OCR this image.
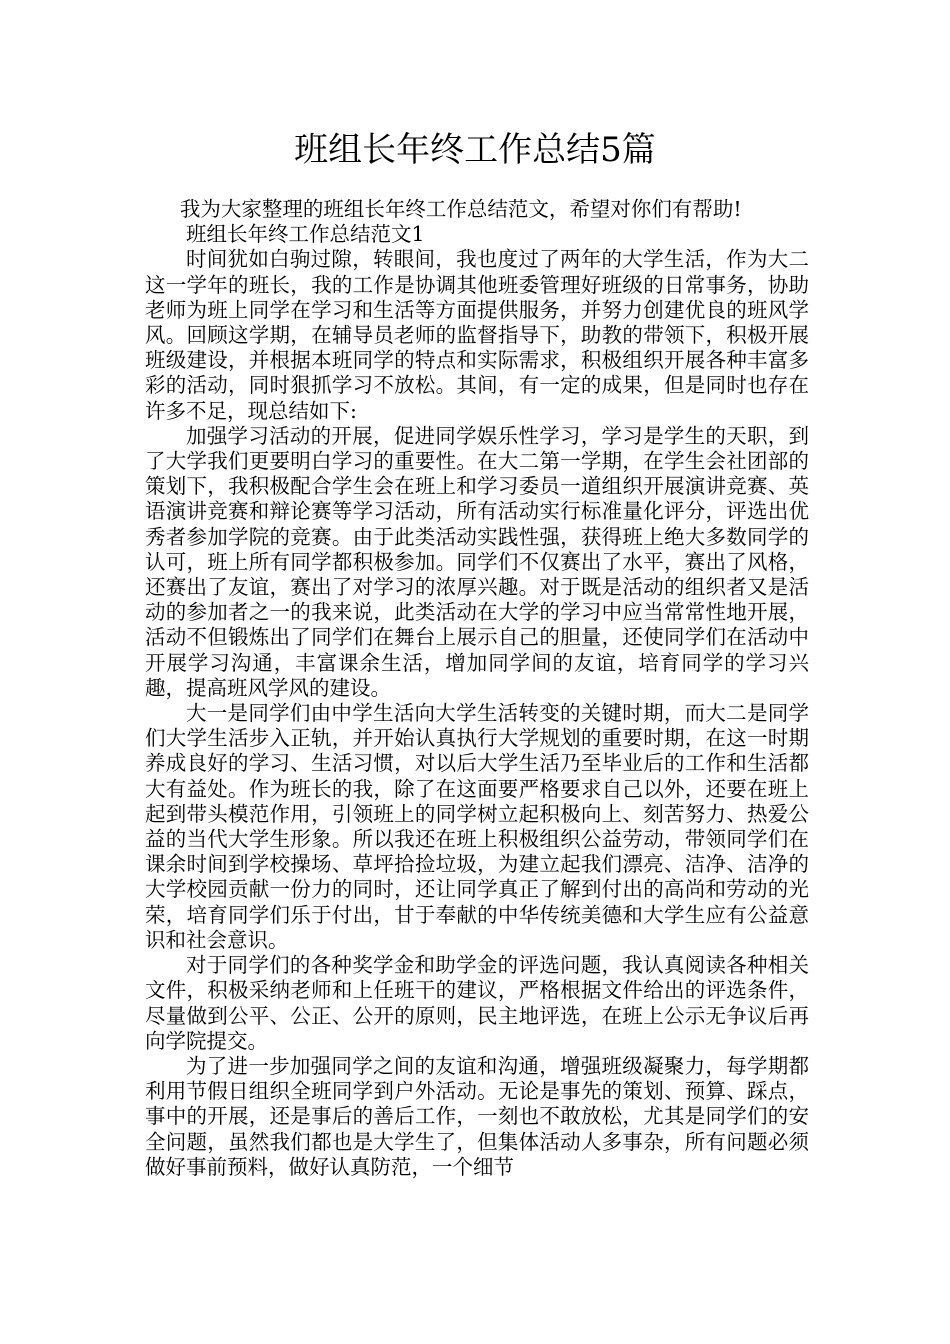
班组长年终工作总结5篇

我为大家整理的班组长年终工作总结范文，希望对你们有帮助!

班组长年终工作总结范文1

时间犹如白驹过隙，转眼间，我也度过了两年的大学生活，作为大二这一学年的班长，我的工作是协调其他班委管理好班级的日常事务，协助老师为班上同学在学习和生活等方面提供服务，并努力创建优良的班风学风。回顾这学期，在辅导员老师的监督指导下，助教的带领下，积极开展班级建设，并根据本班同学的特点和实际需求，积极组织开展各种丰富多彩的活动，同时狠抓学习不放松。其间，有一定的成果，但是同时也存在许多不足，现总结如下:

加强学习活动的开展，促进同学娱乐性学习，学习是学生的天职，到了大学我们更要明白学习的重要性。在大二第一学期，在学生会社团部的策划下，我积极配合学生会在班上和学习委员一道组织开展演讲竞赛、英语演讲竞赛和辩论赛等学习活动，所有活动实行标准量化评分，评选出优秀者参加学院的竞赛。由于此类活动实践性强，获得班上绝大多数同学的认可，班上所有同学都积极参加。同学们不仅赛出了水平，赛出了风格，还赛出了友谊，赛出了对学习的浓厚兴趣。对于既是活动的组织者又是活动的参加者之一的我来说，此类活动在大学的学习中应当常常性地开展，活动不但锻炼出了同学们在舞台上展示自己的胆量，还使同学们在活动中开展学习沟通，丰富课余生活，增加同学间的友谊，培育同学的学习兴趣，提高班风学风的建设。

大一是同学们由中学生活向大学生活转变的关键时期，而大二是同学们大学生活步入正轨，并开始认真执行大学规划的重要时期，在这一时期养成良好的学习、生活习惯，对以后大学生活乃至毕业后的工作和生活都大有益处。作为班长的我，除了在这面要严格要求自己以外，还要在班上起到带头模范作用，引领班上的同学树立起积极向上、刻苦努力、热爱公益的当代大学生形象。所以我还在班上积极组织公益劳动，带领同学们在课余时间到学校操场、草坪拾捡垃圾，为建立起我们漂亮、洁净、洁净的大学校园贡献一份力的同时，还让同学真正了解到付出的高尚和劳动的光荣，培育同学们乐于付出，甘于奉献的中华传统美德和大学生应有公益意识和社会意识。

对于同学们的各种奖学金和助学金的评选问题，我认真阅读各种相关文件，积极采纳老师和上任班干的建议，严格根据文件给出的评选条件，尽量做到公平、公正、公开的原则，民主地评选，在班上公示无争议后再向学院提交。

为了进一步加强同学之间的友谊和沟通，增强班级凝聚力，每学期都利用节假日组织全班同学到户外活动。无论是事先的策划、预算、踩点，事中的开展，还是事后的善后工作，一刻也不敢放松，尤其是同学们的安全问题，虽然我们都也是大学生了，但集体活动人多事杂，所有问题必须做好事前预料，做好认真防范，一个细节
